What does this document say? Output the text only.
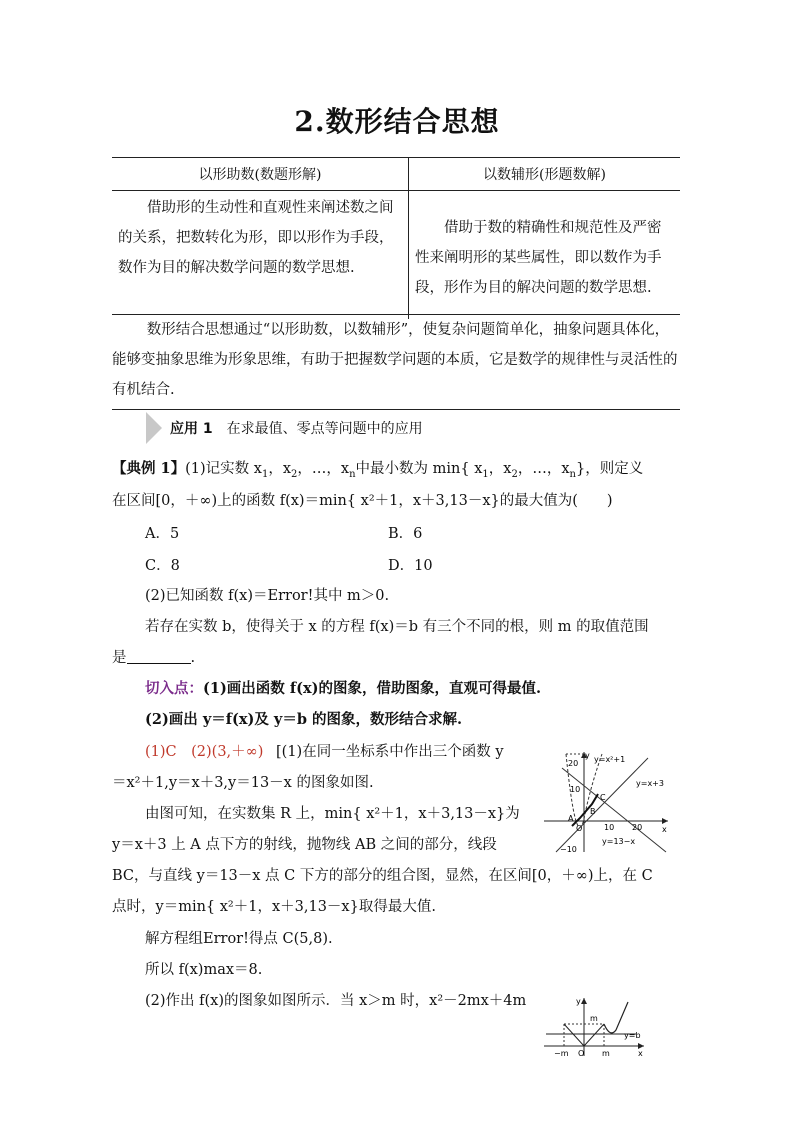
2.数形结合思想
以形助数(数题形解)	以数辅形(形题数解)

借助形的生动性和直观性来阐述数之间的关系，把数转化为形，即以形作为手段，数作为目的解决数学问题的数学思想.	借助于数的精确性和规范性及严密性来阐明形的某些属性，即以数作为手段，形作为目的解决问题的数学思想.
数形结合思想通过“以形助数，以数辅形”，使复杂问题简单化，抽象问题具体化，能够变抽象思维为形象思维，有助于把握数学问题的本质，它是数学的规律性与灵活性的有机结合.
应用 1 在求最值、零点等问题中的应用
【典例 1】(1)记实数 $x_1$，$x_2$，…，$x_n$中最小数为 min{ $x_1$，$x_2$，…，$x_n$}，则定义
在区间[0，＋∞)上的函数 f(x)＝min{ x²＋1，x＋3,13－x}的最大值为(　　)
A．5	B．6
C．8	D．10
(2)已知函数 f(x)＝Error!其中 m＞0.
若存在实数 b，使得关于 x 的方程 f(x)＝b 有三个不同的根，则 m 的取值范围
是	.
切入点：(1)画出函数 f(x)的图象，借助图象，直观可得最值.
(2)画出 y＝f(x)及 y＝b 的图象，数形结合求解.
(1)C　(2)(3,＋∞) [(1)在同一坐标系中作出三个函数 y
＝x²＋1,y＝x＋3,y＝13－x 的图象如图.
由图可知，在实数集 R 上，min{ x²＋1，x＋3,13－x}为
y＝x＋3 上 A 点下方的射线，抛物线 AB 之间的部分，线段
BC，与直线 y＝13－x 点 C 下方的部分的组合图，显然，在区间[0，＋∞)上，在 C
点时，y＝min{ x²＋1，x＋3,13－x}取得最大值.
解方程组Error!得点 C(5,8).
所以 f(x)max＝8.
(2)作出 f(x)的图象如图所示．当 x＞m 时，x²－2mx＋4m
y
x
O
A
B
C
20
10
−10
10 20
y=x²+1
y=x+3
y=13−x
y
x
O
m
m
−m
y=b
